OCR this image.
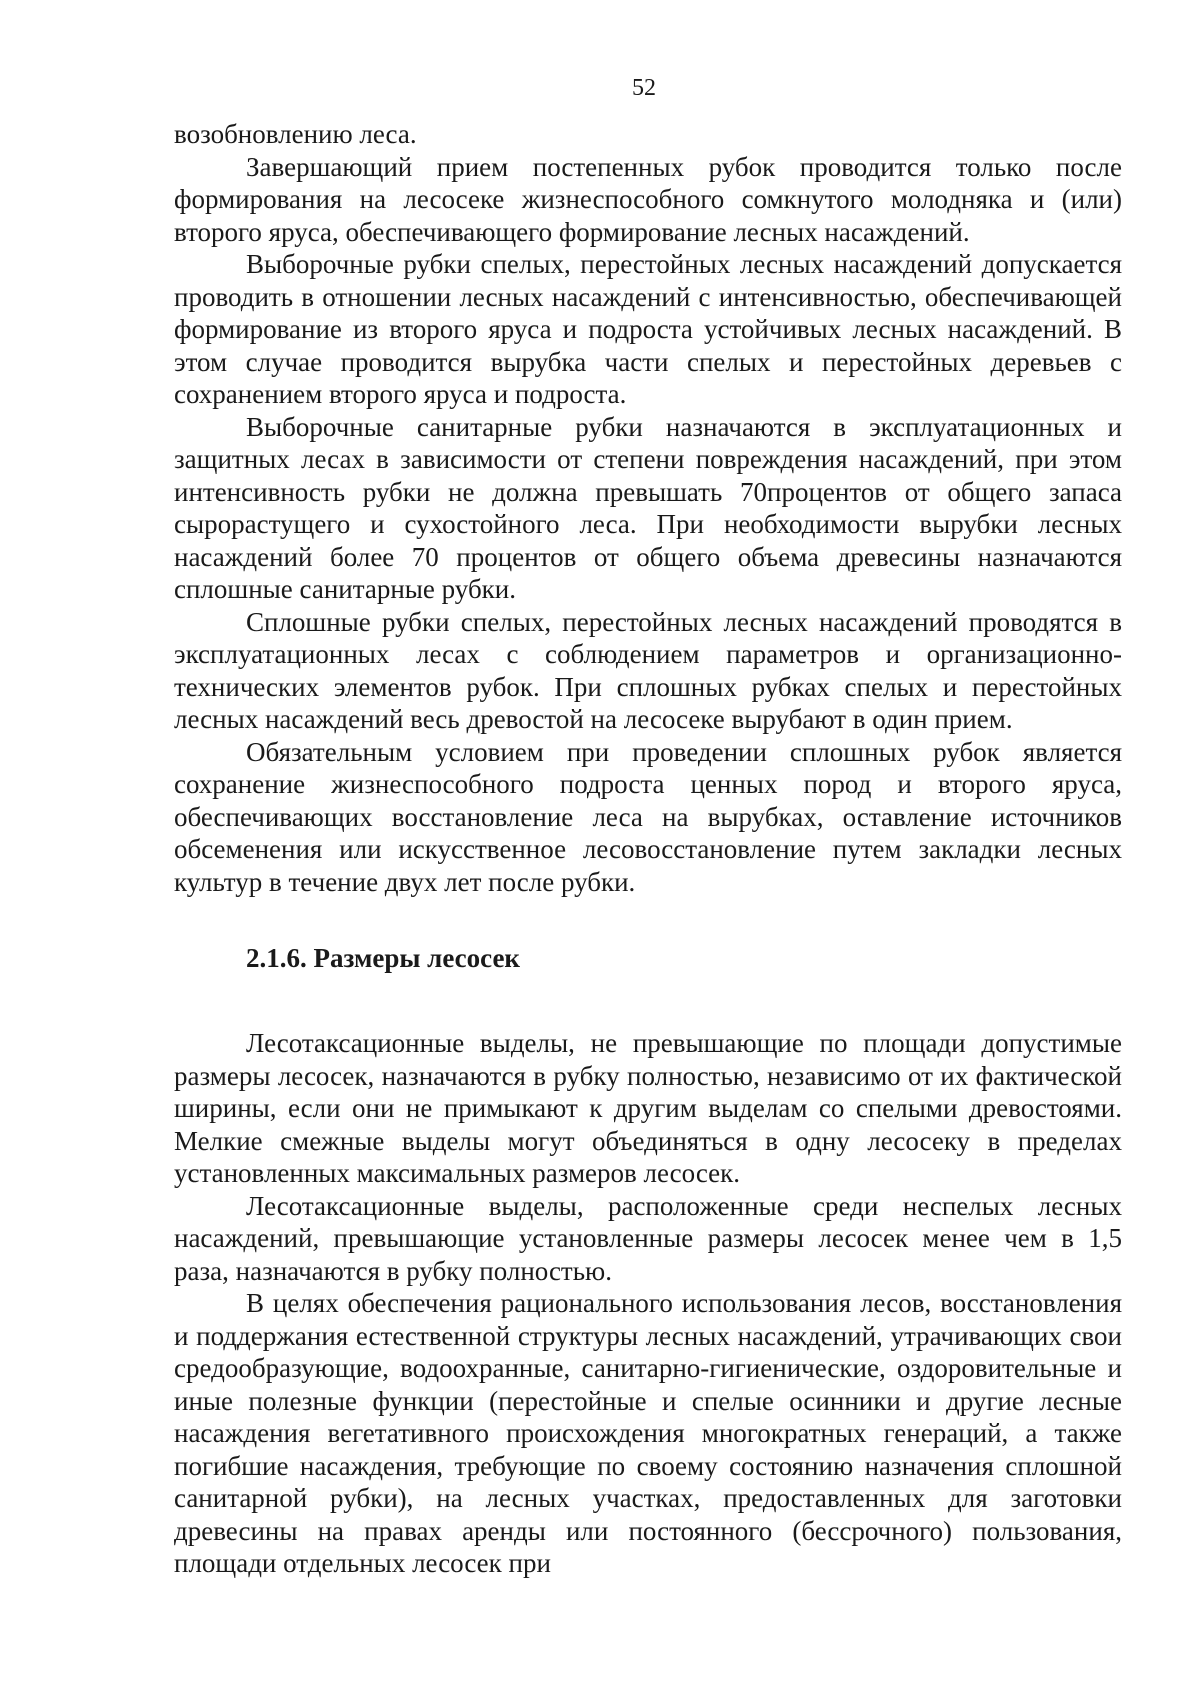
52

возобновлению леса.

Завершающий прием постепенных рубок проводится только после формирования на лесосеке жизнеспособного сомкнутого молодняка и (или) второго яруса, обеспечивающего формирование лесных насаждений.

Выборочные рубки спелых, перестойных лесных насаждений допускается проводить в отношении лесных насаждений с интенсивностью, обеспечивающей формирование из второго яруса и подроста устойчивых лесных насаждений. В этом случае проводится вырубка части спелых и перестойных деревьев с сохранением второго яруса и подроста.

Выборочные санитарные рубки назначаются в эксплуатационных и защитных лесах в зависимости от степени повреждения насаждений, при этом интенсивность рубки не должна превышать 70процентов от общего запаса сырорастущего и сухостойного леса. При необходимости вырубки лесных насаждений более 70 процентов от общего объема древесины назначаются сплошные санитарные рубки.

Сплошные рубки спелых, перестойных лесных насаждений проводятся в эксплуатационных лесах с соблюдением параметров и организационно-технических элементов рубок. При сплошных рубках спелых и перестойных лесных насаждений весь древостой на лесосеке вырубают в один прием.

Обязательным условием при проведении сплошных рубок является сохранение жизнеспособного подроста ценных пород и второго яруса, обеспечивающих восстановление леса на вырубках, оставление источников обсеменения или искусственное лесовосстановление путем закладки лесных культур в течение двух лет после рубки.

2.1.6. Размеры лесосек

Лесотаксационные выделы, не превышающие по площади допустимые размеры лесосек, назначаются в рубку полностью, независимо от их фактической ширины, если они не примыкают к другим выделам со спелыми древостоями. Мелкие смежные выделы могут объединяться в одну лесосеку в пределах установленных максимальных размеров лесосек.

Лесотаксационные выделы, расположенные среди неспелых лесных насаждений, превышающие установленные размеры лесосек менее чем в 1,5 раза, назначаются в рубку полностью.

В целях обеспечения рационального использования лесов, восстановления и поддержания естественной структуры лесных насаждений, утрачивающих свои средообразующие, водоохранные, санитарно-гигиенические, оздоровительные и иные полезные функции (перестойные и спелые осинники и другие лесные насаждения вегетативного происхождения многократных генераций, а также погибшие насаждения, требующие по своему состоянию назначения сплошной санитарной рубки), на лесных участках, предоставленных для заготовки древесины на правах аренды или постоянного (бессрочного) пользования, площади отдельных лесосек при
